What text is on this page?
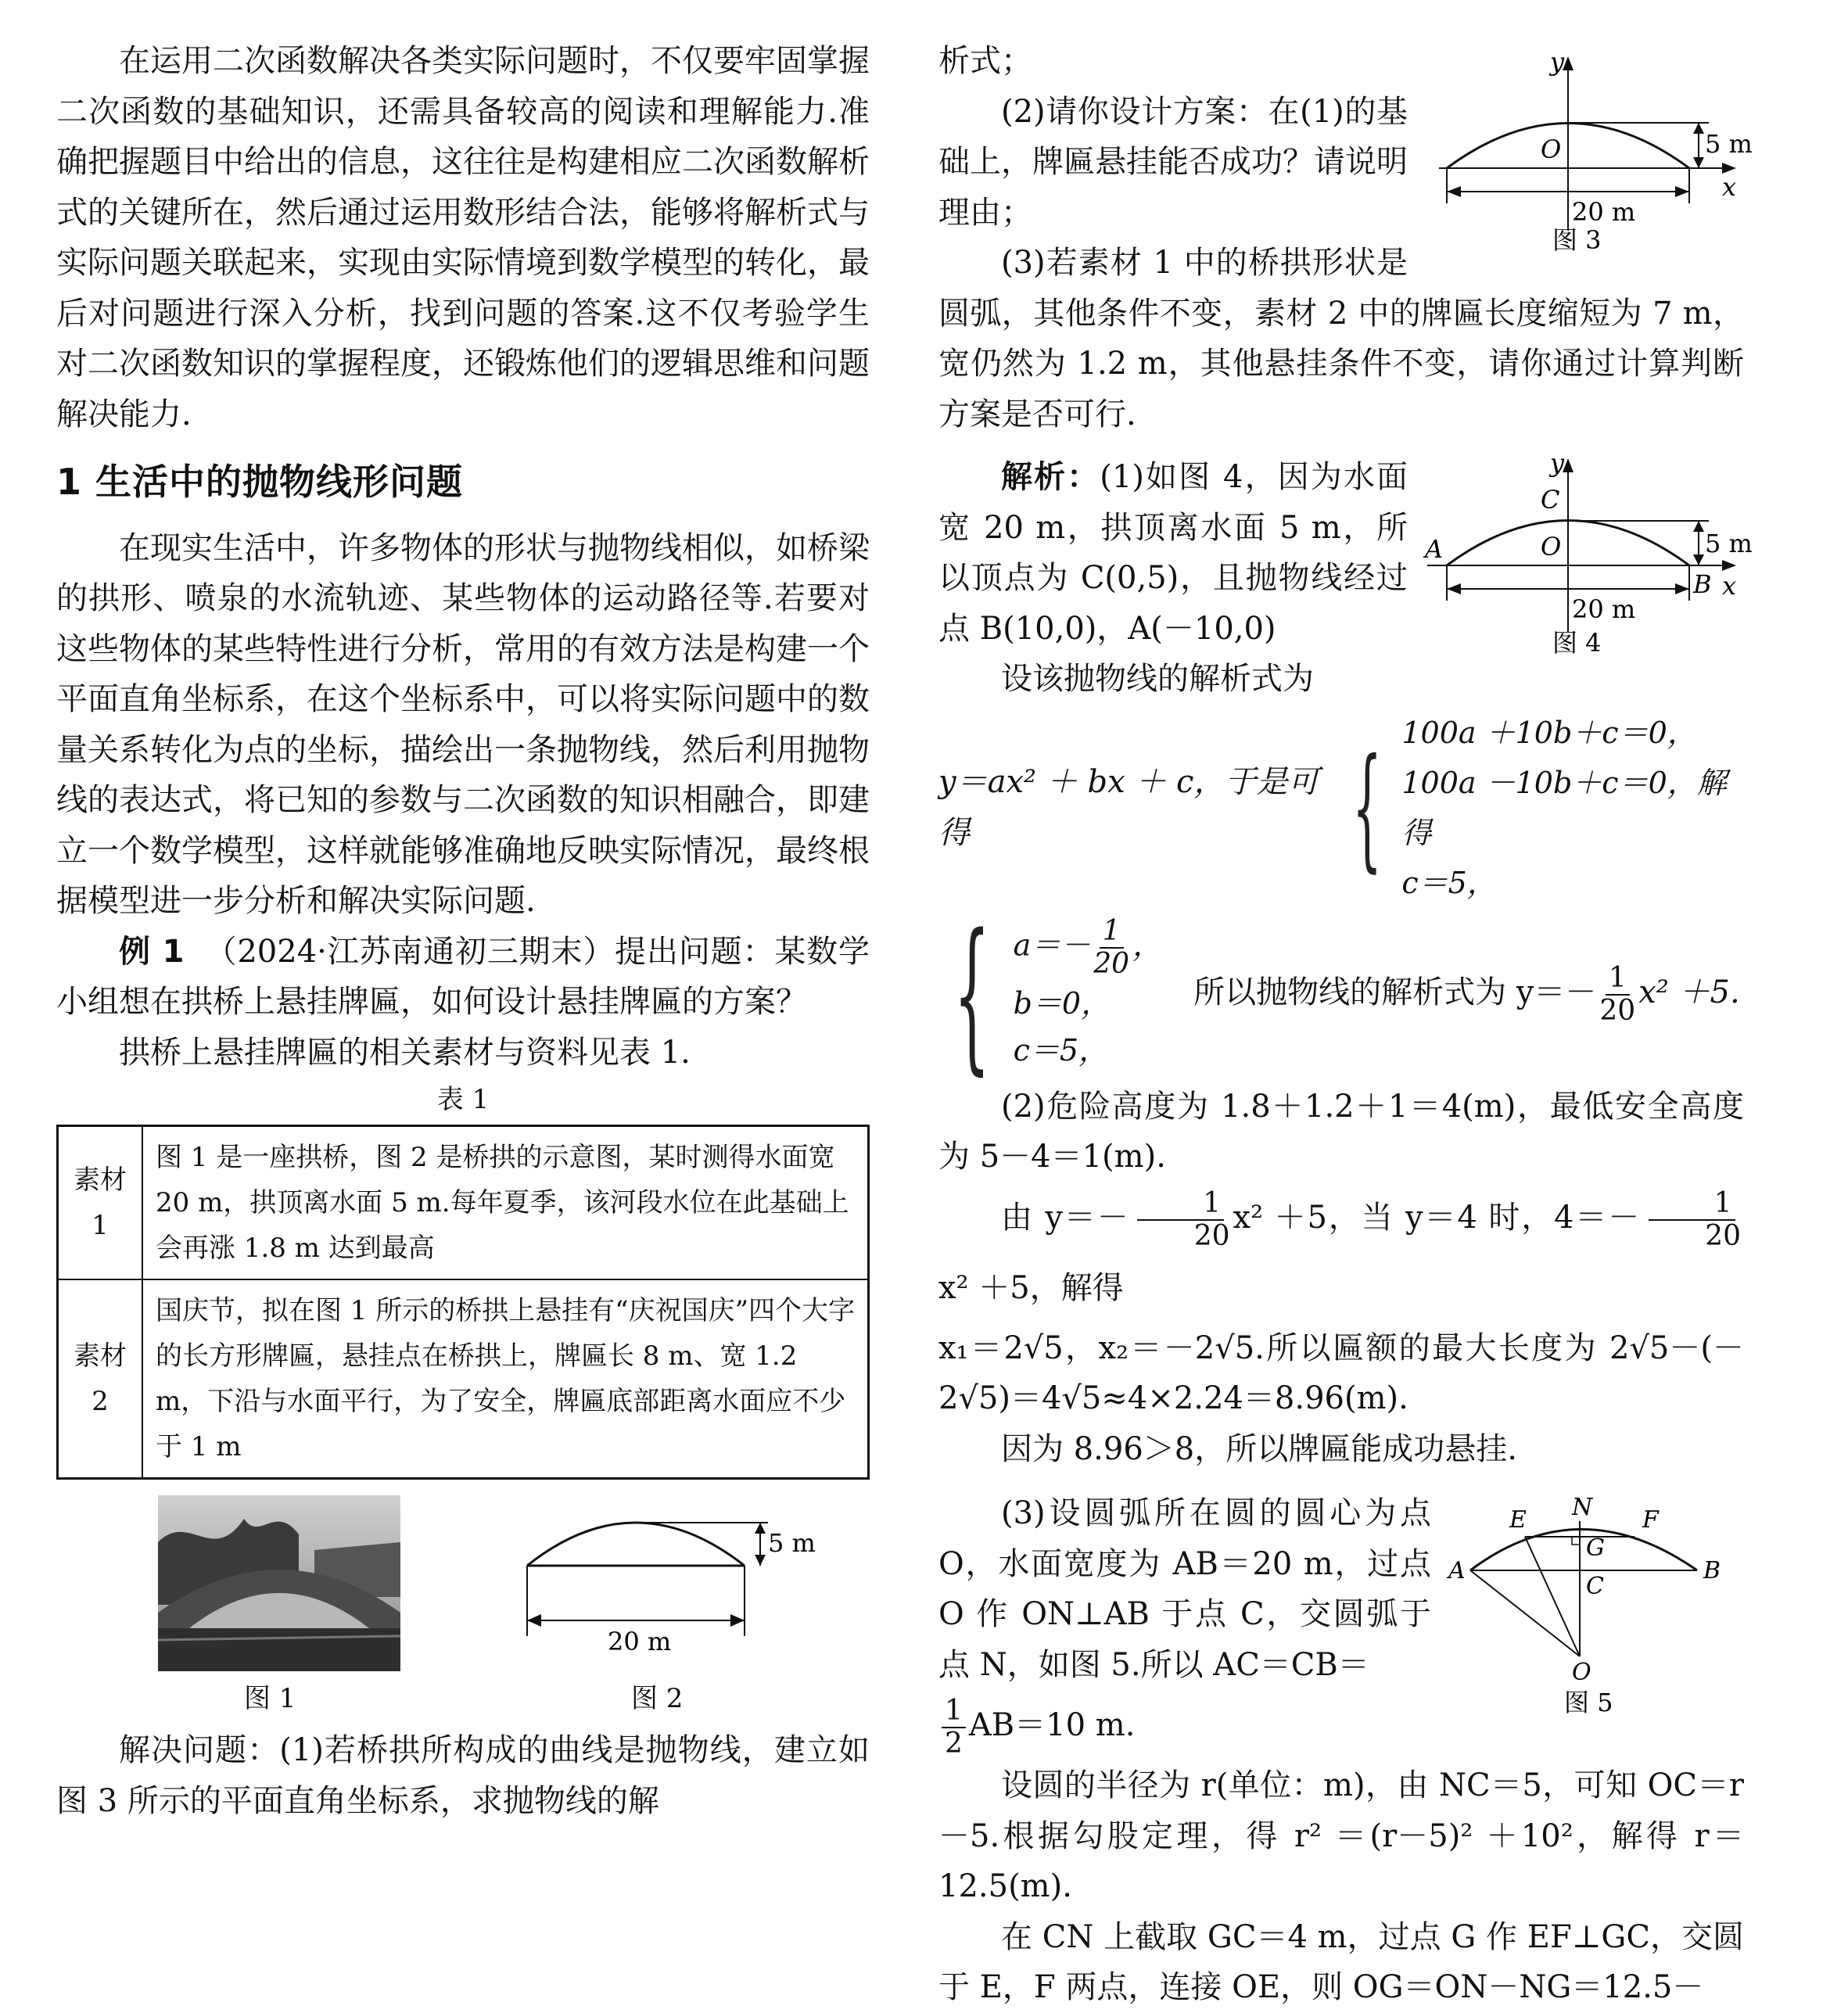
在运用二次函数解决各类实际问题时，不仅要牢固掌握二次函数的基础知识，还需具备较高的阅读和理解能力.准确把握题目中给出的信息，这往往是构建相应二次函数解析式的关键所在，然后通过运用数形结合法，能够将解析式与实际问题关联起来，实现由实际情境到数学模型的转化，最后对问题进行深入分析，找到问题的答案.这不仅考验学生对二次函数知识的掌握程度，还锻炼他们的逻辑思维和问题解决能力.

1 生活中的抛物线形问题

在现实生活中，许多物体的形状与抛物线相似，如桥梁的拱形、喷泉的水流轨迹、某些物体的运动路径等.若要对这些物体的某些特性进行分析，常用的有效方法是构建一个平面直角坐标系，在这个坐标系中，可以将实际问题中的数量关系转化为点的坐标，描绘出一条抛物线，然后利用抛物线的表达式，将已知的参数与二次函数的知识相融合，即建立一个数学模型，这样就能够准确地反映实际情况，最终根据模型进一步分析和解决实际问题.

例 1 （2024·江苏南通初三期末）提出问题：某数学小组想在拱桥上悬挂牌匾，如何设计悬挂牌匾的方案？

拱桥上悬挂牌匾的相关素材与资料见表 1.

表 1
素材 1	图 1 是一座拱桥，图 2 是桥拱的示意图，某时测得水面宽 20 m，拱顶离水面 5 m.每年夏季，该河段水位在此基础上会再涨 1.8 m 达到最高
素材 2	国庆节，拟在图 1 所示的桥拱上悬挂有“庆祝国庆”四个大字的长方形牌匾，悬挂点在桥拱上，牌匾长 8 m、宽 1.2 m，下沿与水面平行，为了安全，牌匾底部距离水面应不少于 1 m
图 1
5 m
20 m
图 2

解决问题：(1)若桥拱所构成的曲线是抛物线，建立如图 3 所示的平面直角坐标系，求抛物线的解

y
x
O	5 m
20 m
图 3

析式；

(2)请你设计方案：在(1)的基础上，牌匾悬挂能否成功？请说明理由；

(3)若素材 1 中的桥拱形状是圆弧，其他条件不变，素材 2 中的牌匾长度缩短为 7 m，宽仍然为 1.2 m，其他悬挂条件不变，请你通过计算判断方案是否可行.

y
x
O
C
A
B
5 m
20 m
图 4

解析：(1)如图 4，因为水面宽 20 m，拱顶离水面 5 m，所以顶点为 C(0,5)，且抛物线经过点 B(10,0)，A(－10,0)

设该抛物线的解析式为

y＝ax² ＋ bx ＋ c，于是可得	{ 100a ＋10b＋c＝0，
100a －10b＋c＝0，解得
c＝5，
{ $a=- \frac{1}{20}$ ，
b＝0，
c＝5，
所以抛物线的解析式为 $y=- \frac{1}{20} x^2 +5$.

(2)危险高度为 1.8＋1.2＋1＝4(m)，最低安全高度为 5－4＝1(m).

由 $y=- \frac{1}{20} x^2 +5$，当 y＝4 时，$4=- \frac{1}{20}$
x² ＋5，解得

x₁＝2√5，x₂＝－2√5.所以匾额的最大长度为 2√5－(－2√5)＝4√5≈4×2.24＝8.96(m).

因为 8.96＞8，所以牌匾能成功悬挂.

E N F
G
A	B
C
O
图 5

(3)设圆弧所在圆的圆心为点 O，水面宽度为 AB＝20 m，过点 O 作 ON⊥AB 于点 C，交圆弧于点 N，如图 5.所以 AC＝CB＝

$\frac{1}{2} AB=10$ m.

设圆的半径为 r(单位：m)，由 NC＝5，可知 OC＝r－5.根据勾股定理，得 r² ＝(r－5)² ＋10²，解得 r＝12.5(m).

在 CN 上截取 GC＝4 m，过点 G 作 EF⊥GC，交圆于 E，F 两点，连接 OE，则 OG＝ON－NG＝12.5－
